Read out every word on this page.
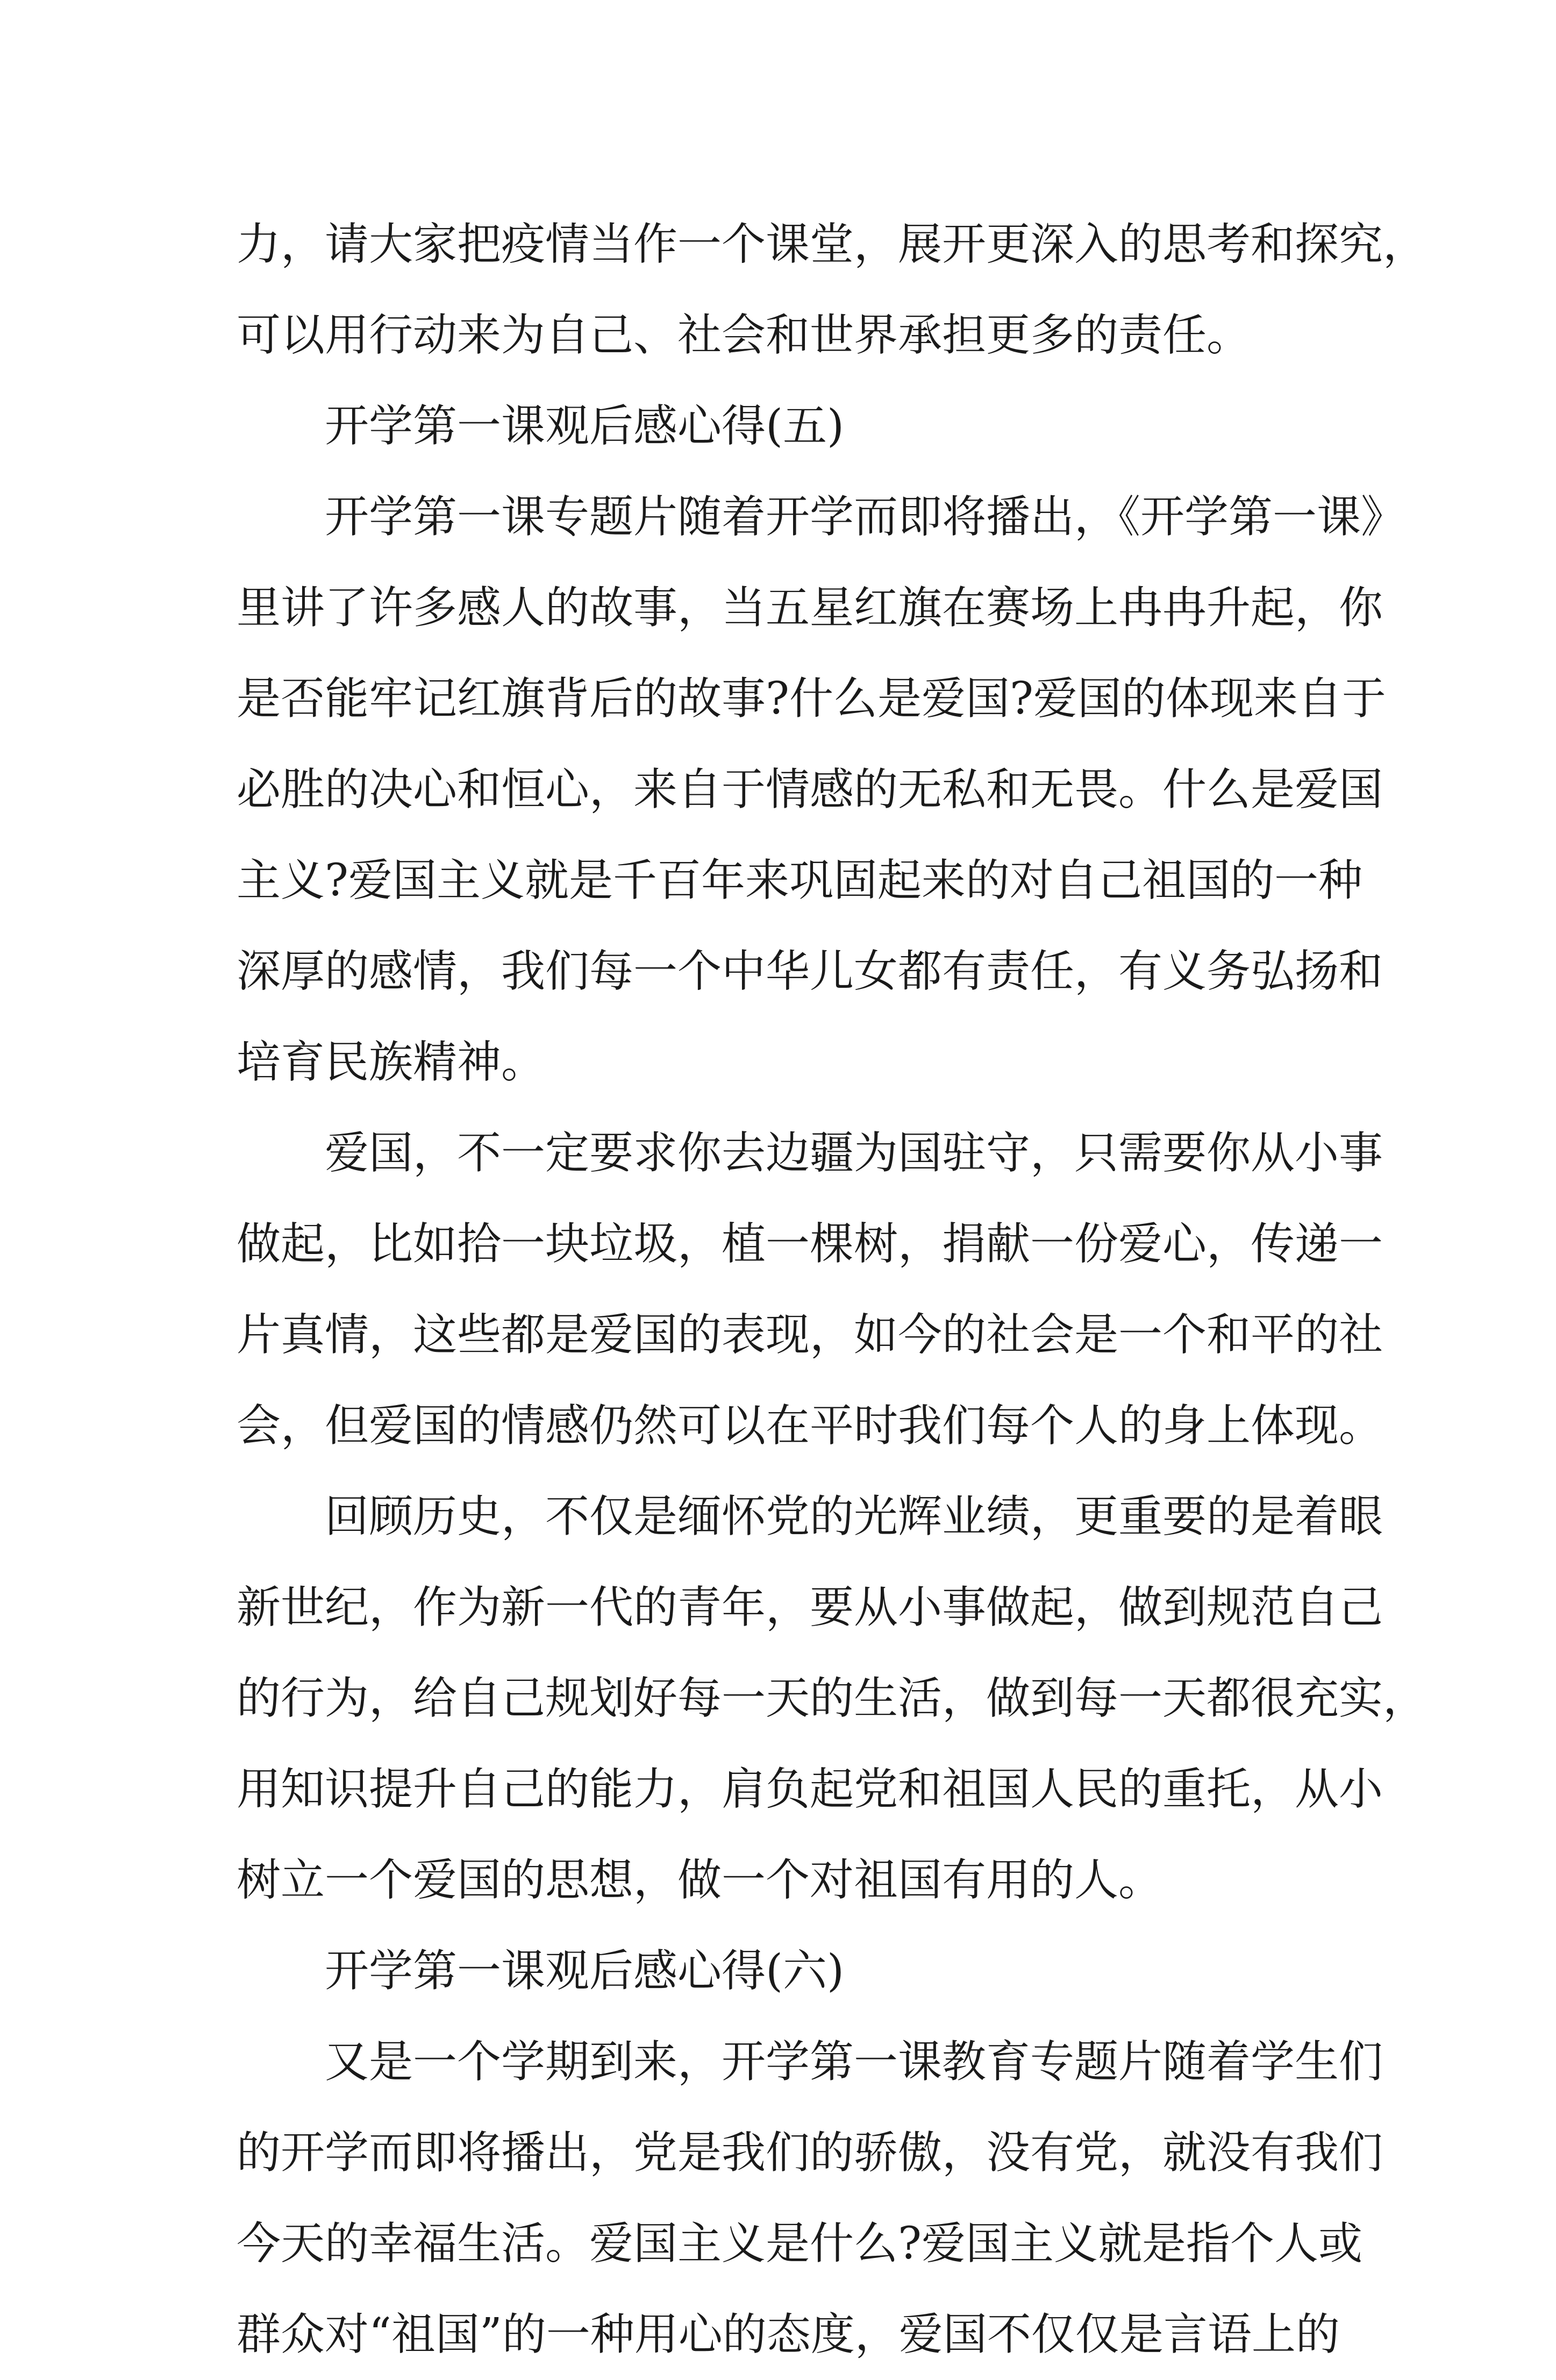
力，请大家把疫情当作一个课堂，展开更深入的思考和探究，
可以用行动来为自己、社会和世界承担更多的责任。
开学第一课观后感心得(五)
开学第一课专题片随着开学而即将播出，《开学第一课》
里讲了许多感人的故事，当五星红旗在赛场上冉冉升起，你
是否能牢记红旗背后的故事?什么是爱国?爱国的体现来自于
必胜的决心和恒心，来自于情感的无私和无畏。什么是爱国
主义?爱国主义就是千百年来巩固起来的对自己祖国的一种
深厚的感情，我们每一个中华儿女都有责任，有义务弘扬和
培育民族精神。
爱国，不一定要求你去边疆为国驻守，只需要你从小事
做起，比如拾一块垃圾，植一棵树，捐献一份爱心，传递一
片真情，这些都是爱国的表现，如今的社会是一个和平的社
会，但爱国的情感仍然可以在平时我们每个人的身上体现。
回顾历史，不仅是缅怀党的光辉业绩，更重要的是着眼
新世纪，作为新一代的青年，要从小事做起，做到规范自己
的行为，给自己规划好每一天的生活，做到每一天都很充实，
用知识提升自己的能力，肩负起党和祖国人民的重托，从小
树立一个爱国的思想，做一个对祖国有用的人。
开学第一课观后感心得(六)
又是一个学期到来，开学第一课教育专题片随着学生们
的开学而即将播出，党是我们的骄傲，没有党，就没有我们
今天的幸福生活。爱国主义是什么?爱国主义就是指个人或
群众对“祖国”的一种用心的态度，爱国不仅仅是言语上的
